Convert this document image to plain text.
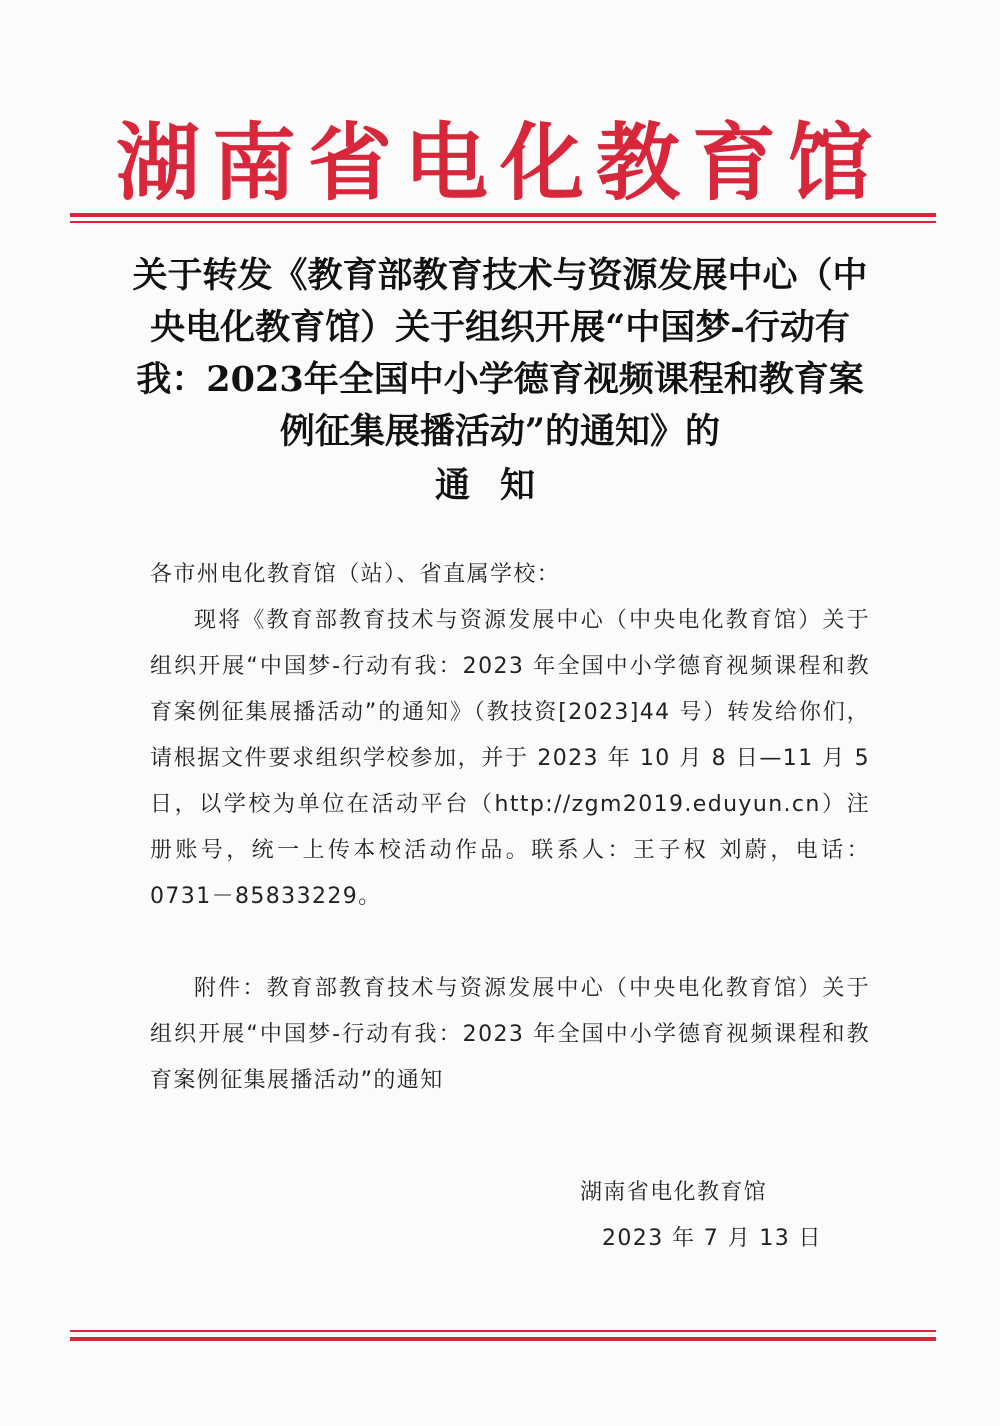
湖南省电化教育馆
关于转发《教育部教育技术与资源发展中心（中央电化教育馆）关于组织开展“中国梦-行动有我：2023年全国中小学德育视频课程和教育案例征集展播活动”的通知》的
通知

各市州电化教育馆（站）、省直属学校：

现将《教育部教育技术与资源发展中心（中央电化教育馆）关于组织开展“中国梦-行动有我：2023 年全国中小学德育视频课程和教育案例征集展播活动”的通知》（教技资[2023]44 号）转发给你们，请根据文件要求组织学校参加，并于 2023 年 10 月 8 日—11 月 5 日，以学校为单位在活动平台（http://zgm2019.eduyun.cn）注册账号，统一上传本校活动作品。联系人：王子权 刘蔚，电话：0731－85833229。

附件：教育部教育技术与资源发展中心（中央电化教育馆）关于组织开展“中国梦-行动有我：2023 年全国中小学德育视频课程和教育案例征集展播活动”的通知

湖南省电化教育馆
2023 年 7 月 13 日
